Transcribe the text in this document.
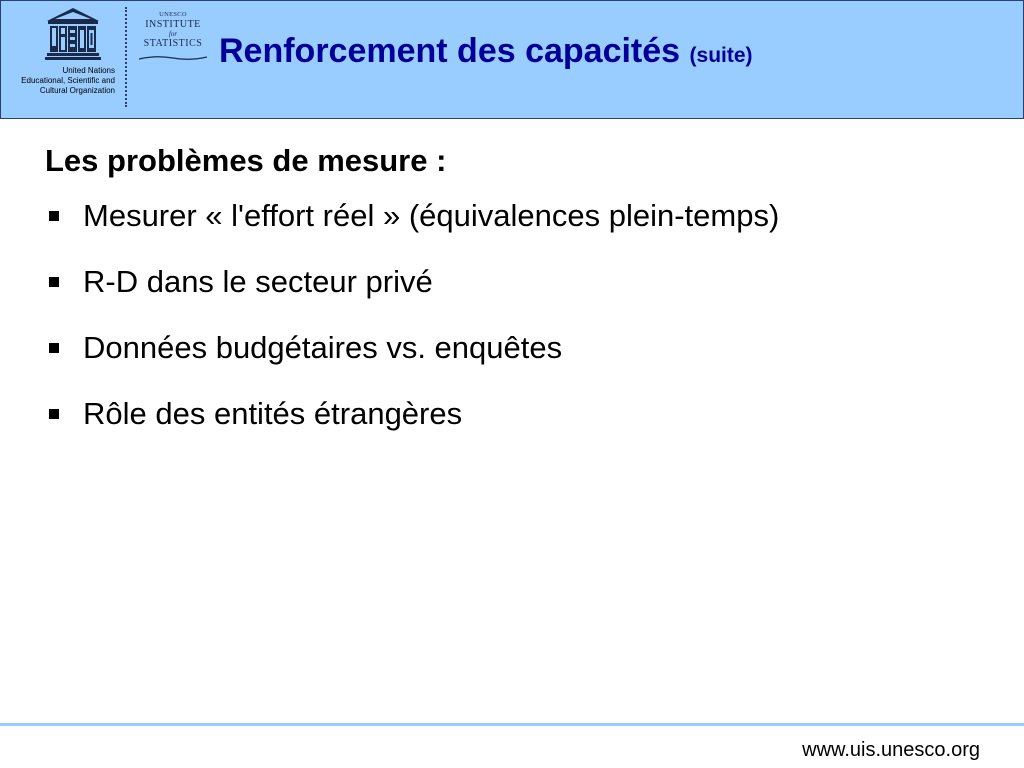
United Nations
Educational, Scientific and
Cultural Organization
UNESCO
INSTITUTE
for
STATISTICS Renforcement des capacités (suite)

Les problèmes de mesure :

Mesurer « l'effort réel » (équivalences plein-temps)
R-D dans le secteur privé
Données budgétaires vs. enquêtes
Rôle des entités étrangères
www.uis.unesco.org
